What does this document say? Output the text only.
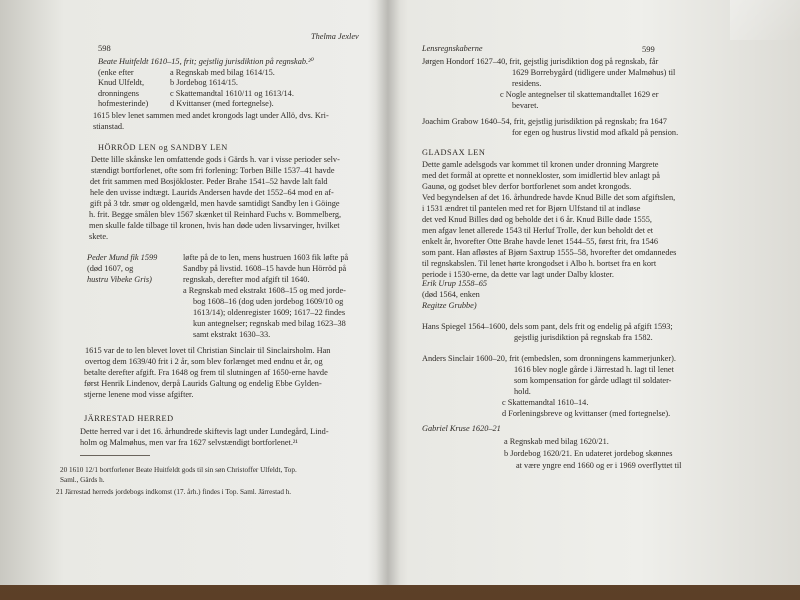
598
Thelma Jexlev
Beate Huitfeldt 1610–15, frit; gejstlig jurisdiktion på regnskab.²⁰
(enke efter
Knud Ulfeldt,
dronningens
hofmesterinde)
a Regnskab med bilag 1614/15.
b Jordebog 1614/15.
c Skattemandtal 1610/11 og 1613/14.
d Kvittanser (med fortegnelse).
1615 blev lenet sammen med andet krongods lagt under Allö, dvs. Kri-
stianstad.
HÖRRÖD LEN og SANDBY LEN
Dette lille skånske len omfattende gods i Gärds h. var i visse perioder selv-
stændigt bortforlenet, ofte som fri forlening: Torben Bille 1537–41 havde
det frit sammen med Bosjökloster. Peder Brahe 1541–52 havde lalt fald
hele den uvisse indtægt. Laurids Andersen havde det 1552–64 mod en af-
gift på 3 tdr. smør og oldengæld, men havde samtidigt Sandby len i Göinge
h. frit. Begge smålen blev 1567 skænket til Reinhard Fuchs v. Bommelberg,
men skulle falde tilbage til kronen, hvis han døde uden livsarvinger, hvilket
skete.
Peder Mund fik 1599
(død 1607, og
hustru Vibeke Gris)
løfte på de to len, mens hustruen 1603 fik løfte på
Sandby på livstid. 1608–15 havde hun Hörröd på
regnskab, derefter mod afgift til 1640.
a Regnskab med ekstrakt 1608–15 og med jorde-
bog 1608–16 (dog uden jordebog 1609/10 og
1613/14); oldenregister 1609; 1617–22 findes
kun antegnelser; regnskab med bilag 1623–38
samt ekstrakt 1630–33.
1615 var de to len blevet lovet til Christian Sinclair til Sinclairsholm. Han
overtog dem 1639/40 frit i 2 år, som blev forlænget med endnu et år, og
betalte derefter afgift. Fra 1648 og frem til slutningen af 1650-erne havde
først Henrik Lindenov, derpå Laurids Galtung og endelig Ebbe Gylden-
stjerne lenene mod visse afgifter.
JÄRRESTAD HERRED
Dette herred var i det 16. århundrede skiftevis lagt under Lundegård, Lind-
holm og Malmøhus, men var fra 1627 selvstændigt bortforlenet.²¹
20 1610 12/1 bortforlener Beate Huitfeldt gods til sin søn Christoffer Ulfeldt, Top.
Saml., Gärds h.
21 Järrestad herreds jordebogs indkomst (17. årh.) findes i Top. Saml. Järrestad h.
Lensregnskaberne	599
Jørgen Hondorf 1627–40, frit, gejstlig jurisdiktion dog på regnskab, får
1629 Borrebygård (tidligere under Malmøhus) til
residens.
c Nogle antegnelser til skattemandtallet 1629 er
bevaret.
Joachim Grabow 1640–54, frit, gejstlig jurisdiktion på regnskab; fra 1647
for egen og hustrus livstid mod afkald på pension.
GLADSAX LEN
Dette gamle adelsgods var kommet til kronen under dronning Margrete
med det formål at oprette et nonnekloster, som imidlertid blev anlagt på
Gaunø, og godset blev derfor bortforlenet som andet krongods.
Ved begyndelsen af det 16. århundrede havde Knud Bille det som afgiftslen,
i 1531 ændret til pantelen med ret for Bjørn Ulfstand til at indløse
det ved Knud Billes død og beholde det i 6 år. Knud Bille døde 1555,
men afgav lenet allerede 1543 til Herluf Trolle, der kun beholdt det et
enkelt år, hvorefter Otte Brahe havde lenet 1544–55, først frit, fra 1546
som pant. Han afløstes af Bjørn Saxtrup 1555–58, hvorefter det omdannedes
til regnskabslen. Til lenet hørte krongodset i Albo h. bortset fra en kort
periode i 1530-erne, da dette var lagt under Dalby kloster.
Erik Urup 1558–65
(død 1564, enken
Regitze Grubbe)
Hans Spiegel 1564–1600, dels som pant, dels frit og endelig på afgift 1593;
gejstlig jurisdiktion på regnskab fra 1582.
Anders Sinclair 1600–20, frit (embedslen, som dronningens kammerjunker).
1616 blev nogle gårde i Järrestad h. lagt til lenet
som kompensation for gårde udlagt til soldater-
hold.
c Skattemandtal 1610–14.
d Forleningsbreve og kvittanser (med fortegnelse).
Gabriel Kruse 1620–21
a Regnskab med bilag 1620/21.
b Jordebog 1620/21. En udateret jordebog skønnes
at være yngre end 1660 og er i 1969 overflyttet til
